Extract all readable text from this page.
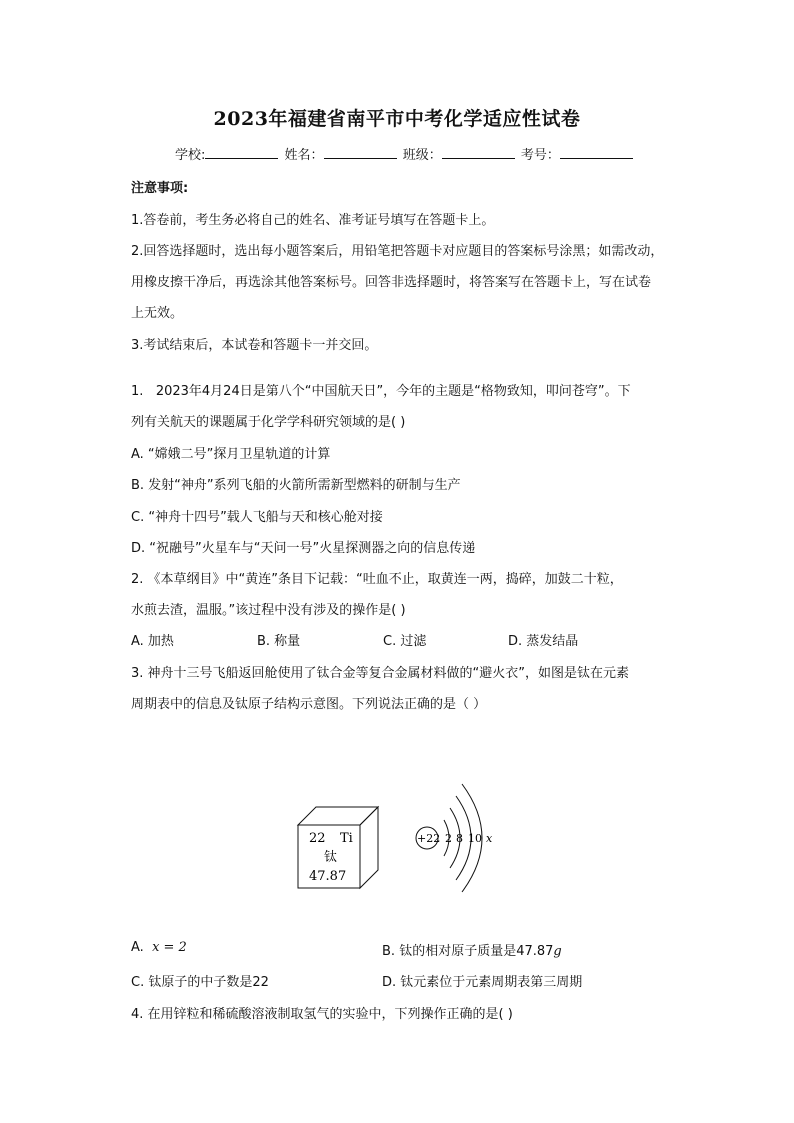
2023年福建省南平市中考化学适应性试卷
学校:	姓名：	班级：	考号：
注意事项:
1.答卷前，考生务必将自己的姓名、准考证号填写在答题卡上。
2.回答选择题时，选出每小题答案后，用铅笔把答题卡对应题目的答案标号涂黑；如需改动，
用橡皮擦干净后，再选涂其他答案标号。回答非选择题时，将答案写在答题卡上，写在试卷
上无效。
3.考试结束后，本试卷和答题卡一并交回。
1. 2023年4月24日是第八个“中国航天日”，今年的主题是“格物致知，叩问苍穹”。下
列有关航天的课题属于化学学科研究领域的是( )
A. “嫦娥二号”探月卫星轨道的计算
B. 发射“神舟”系列飞船的火箭所需新型燃料的研制与生产
C. “神舟十四号”载人飞船与天和核心舱对接
D. “祝融号”火星车与“天问一号”火星探测器之向的信息传递
2. 《本草纲目》中“黄连”条目下记载：“吐血不止，取黄连一两，捣碎，加鼓二十粒，
水煎去渣，温服。”该过程中没有涉及的操作是( )
A. 加热	B. 称量	C. 过滤	D. 蒸发结晶
3. 神舟十三号飞船返回舱使用了钛合金等复合金属材料做的“避火衣”，如图是钛在元素
周期表中的信息及钛原子结构示意图。下列说法正确的是（ ）
22 Ti
钛
47.87
+22 2 8 10 x
A. x = 2	B. 钛的相对原子质量是47.87g
C. 钛原子的中子数是22	D. 钛元素位于元素周期表第三周期
4. 在用锌粒和稀硫酸溶液制取氢气的实验中，下列操作正确的是( )
